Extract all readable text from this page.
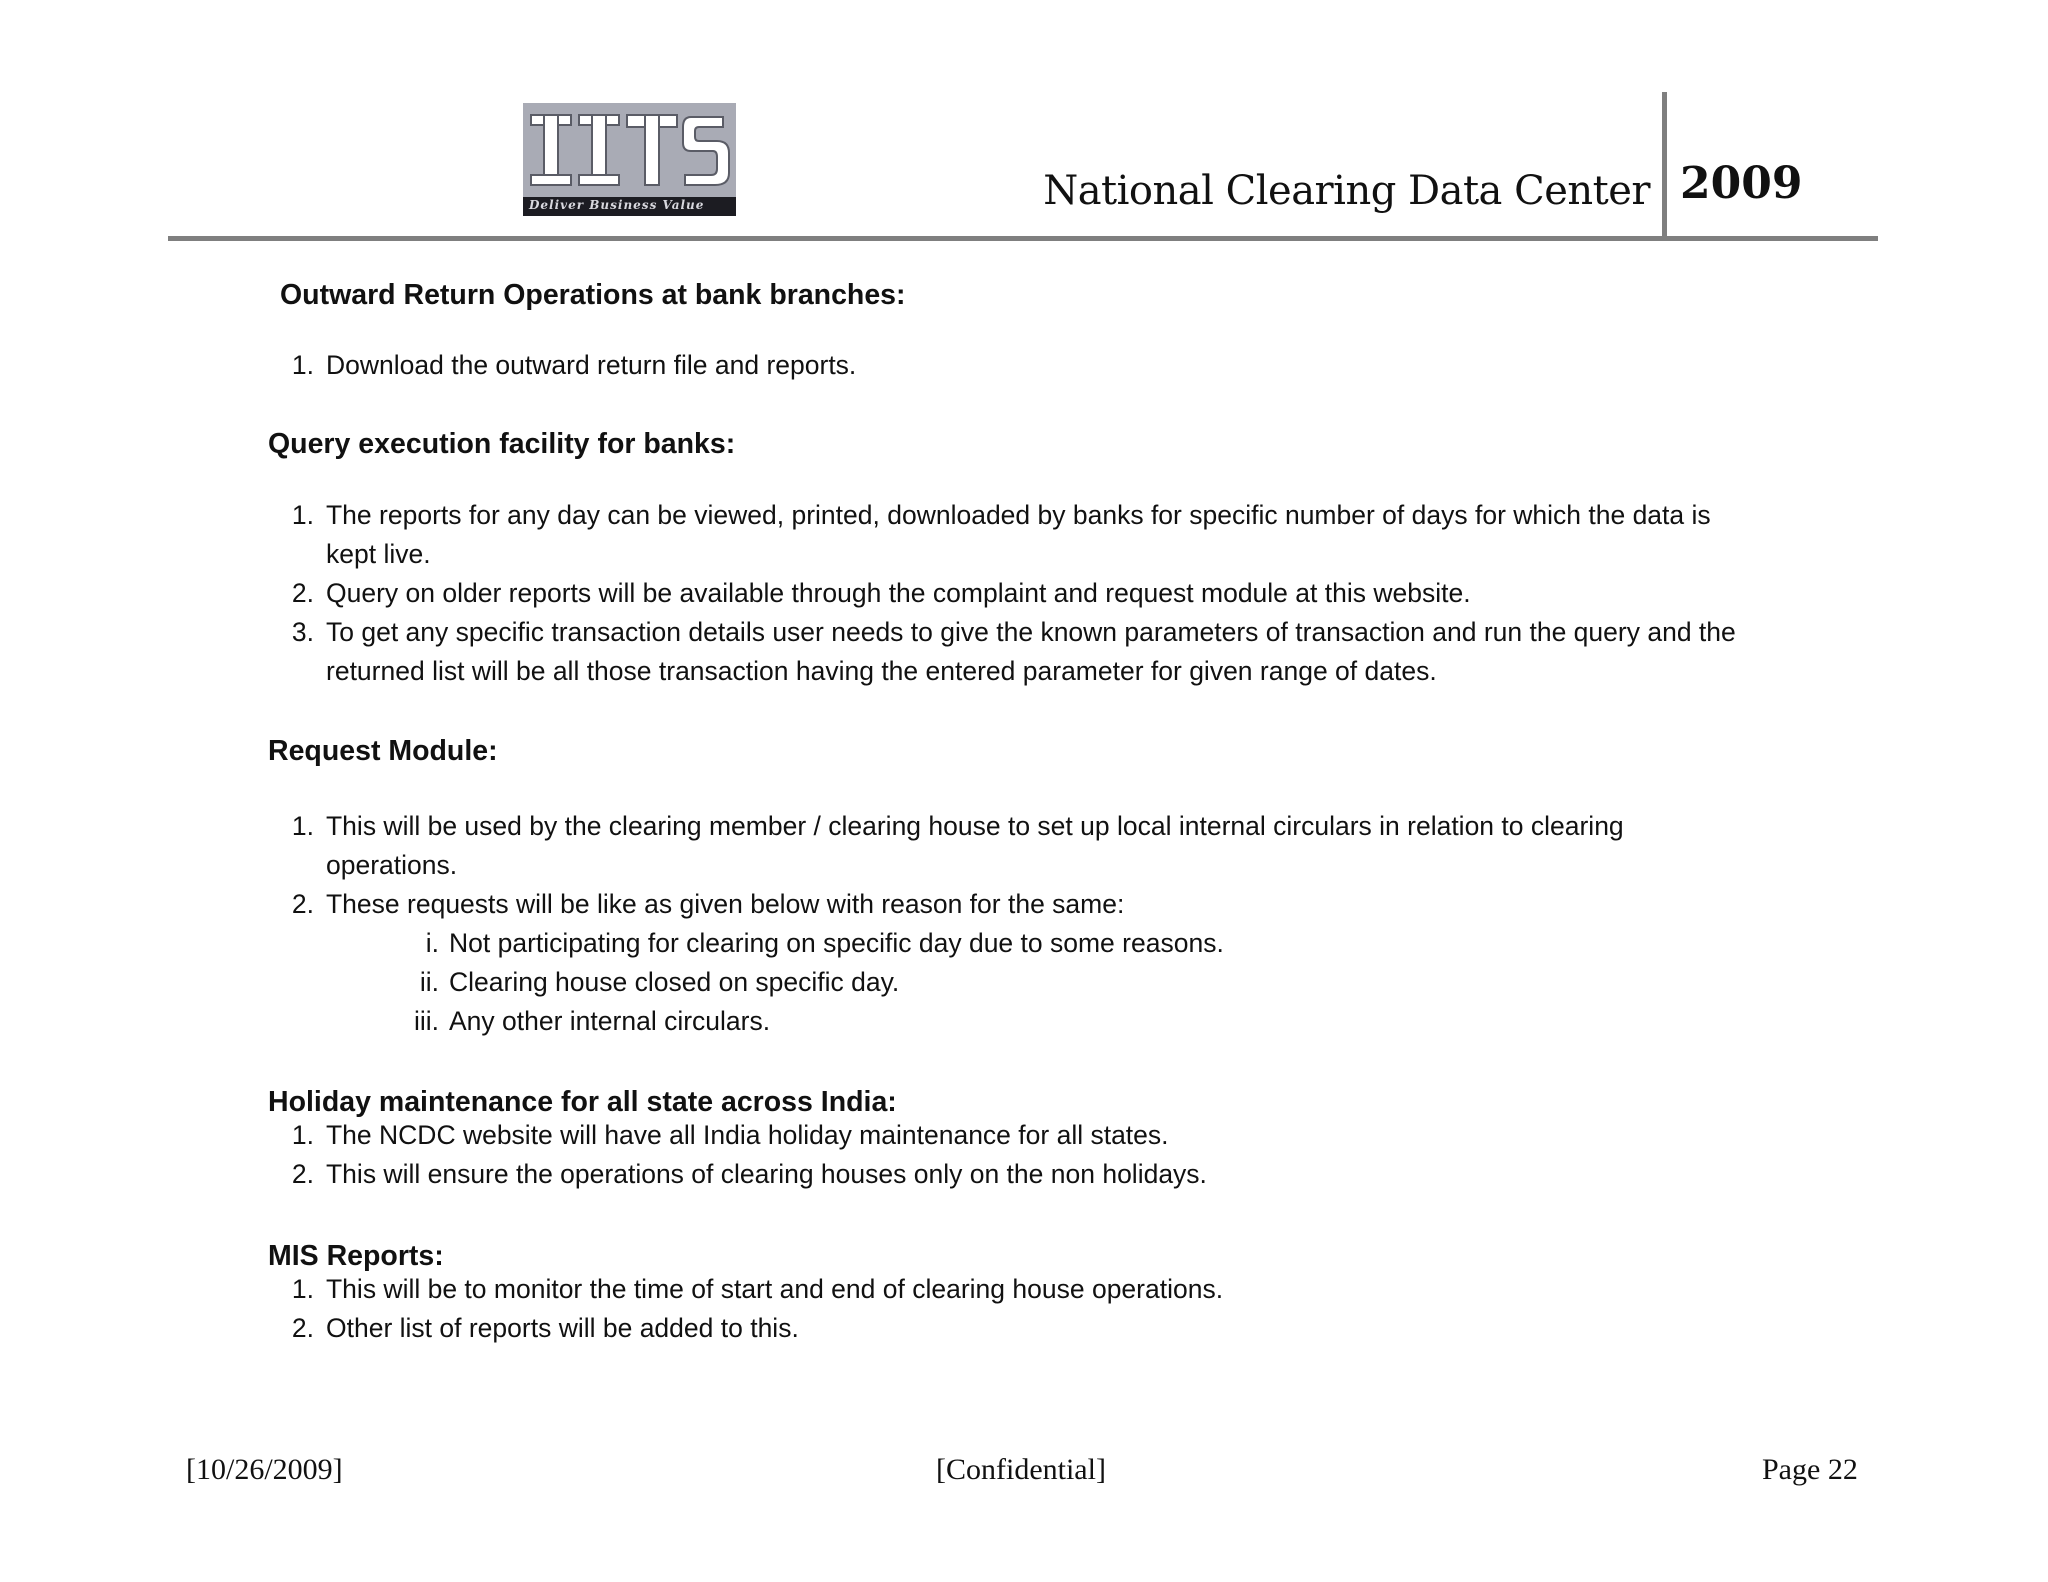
Deliver Business Value	National Clearing Data Center 2009
Outward Return Operations at bank branches:
1. Download the outward return file and reports.
Query execution facility for banks:
1. The reports for any day can be viewed, printed, downloaded by banks for specific number of days for which the data is
kept live.
2. Query on older reports will be available through the complaint and request module at this website.
3. To get any specific transaction details user needs to give the known parameters of transaction and run the query and the
returned list will be all those transaction having the entered parameter for given range of dates.
Request Module:
1. This will be used by the clearing member / clearing house to set up local internal circulars in relation to clearing
operations.
2. These requests will be like as given below with reason for the same:
i. Not participating for clearing on specific day due to some reasons.
ii. Clearing house closed on specific day.
iii. Any other internal circulars.
Holiday maintenance for all state across India:
1. The NCDC website will have all India holiday maintenance for all states.
2. This will ensure the operations of clearing houses only on the non holidays.
MIS Reports:
1. This will be to monitor the time of start and end of clearing house operations.
2. Other list of reports will be added to this.
[10/26/2009]	[Confidential]	Page 22
